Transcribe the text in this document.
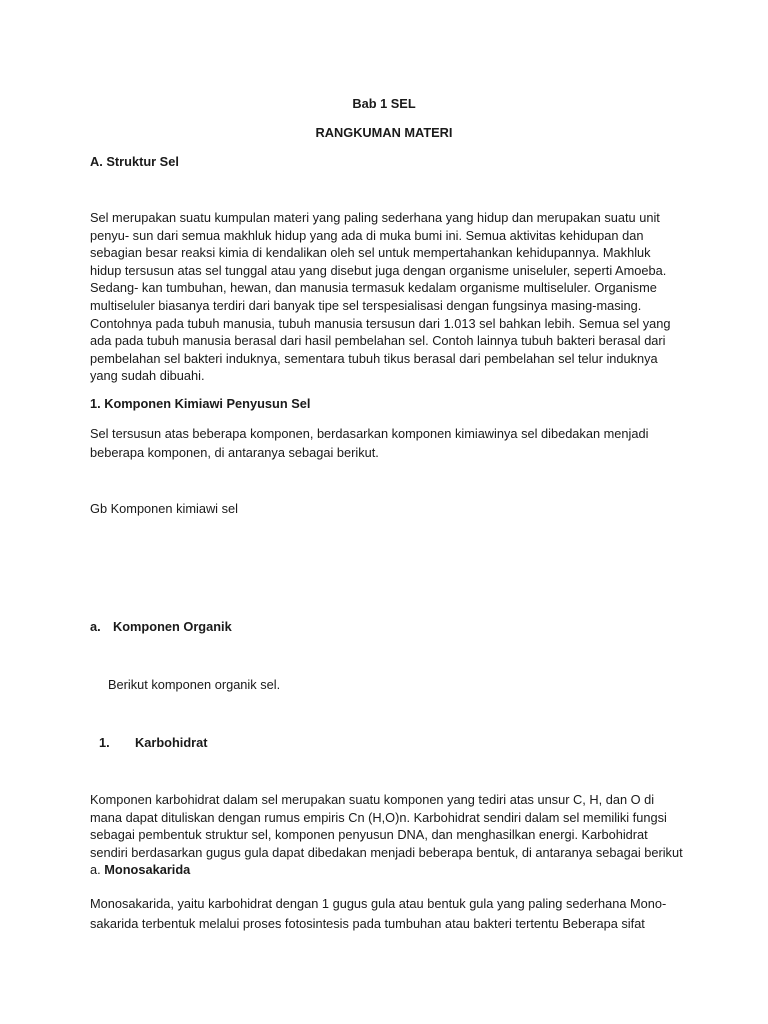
Bab 1 SEL

RANGKUMAN MATERI

A. Struktur Sel

Sel merupakan suatu kumpulan materi yang paling sederhana yang hidup dan merupakan suatu unit
penyu- sun dari semua makhluk hidup yang ada di muka bumi ini. Semua aktivitas kehidupan dan
sebagian besar reaksi kimia di kendalikan oleh sel untuk mempertahankan kehidupannya. Makhluk
hidup tersusun atas sel tunggal atau yang disebut juga dengan organisme uniseluler, seperti Amoeba.
Sedang- kan tumbuhan, hewan, dan manusia termasuk kedalam organisme multiseluler. Organisme
multiseluler biasanya terdiri dari banyak tipe sel terspesialisasi dengan fungsinya masing-masing.
Contohnya pada tubuh manusia, tubuh manusia tersusun dari 1.013 sel bahkan lebih. Semua sel yang
ada pada tubuh manusia berasal dari hasil pembelahan sel. Contoh lainnya tubuh bakteri berasal dari
pembelahan sel bakteri induknya, sementara tubuh tikus berasal dari pembelahan sel telur induknya
yang sudah dibuahi.

1. Komponen Kimiawi Penyusun Sel

Sel tersusun atas beberapa komponen, berdasarkan komponen kimiawinya sel dibedakan menjadi
beberapa komponen, di antaranya sebagai berikut.

Gb Komponen kimiawi sel

a. Komponen Organik

Berikut komponen organik sel.

1. Karbohidrat
Komponen karbohidrat dalam sel merupakan suatu komponen yang tediri atas unsur C, H, dan O di
mana dapat dituliskan dengan rumus empiris Cn (H,O)n. Karbohidrat sendiri dalam sel memiliki fungsi
sebagai pembentuk struktur sel, komponen penyusun DNA, dan menghasilkan energi. Karbohidrat
sendiri berdasarkan gugus gula dapat dibedakan menjadi beberapa bentuk, di antaranya sebagai berikut
a. Monosakarida
Monosakarida, yaitu karbohidrat dengan 1 gugus gula atau bentuk gula yang paling sederhana Mono-
sakarida terbentuk melalui proses fotosintesis pada tumbuhan atau bakteri tertentu Beberapa sifat
